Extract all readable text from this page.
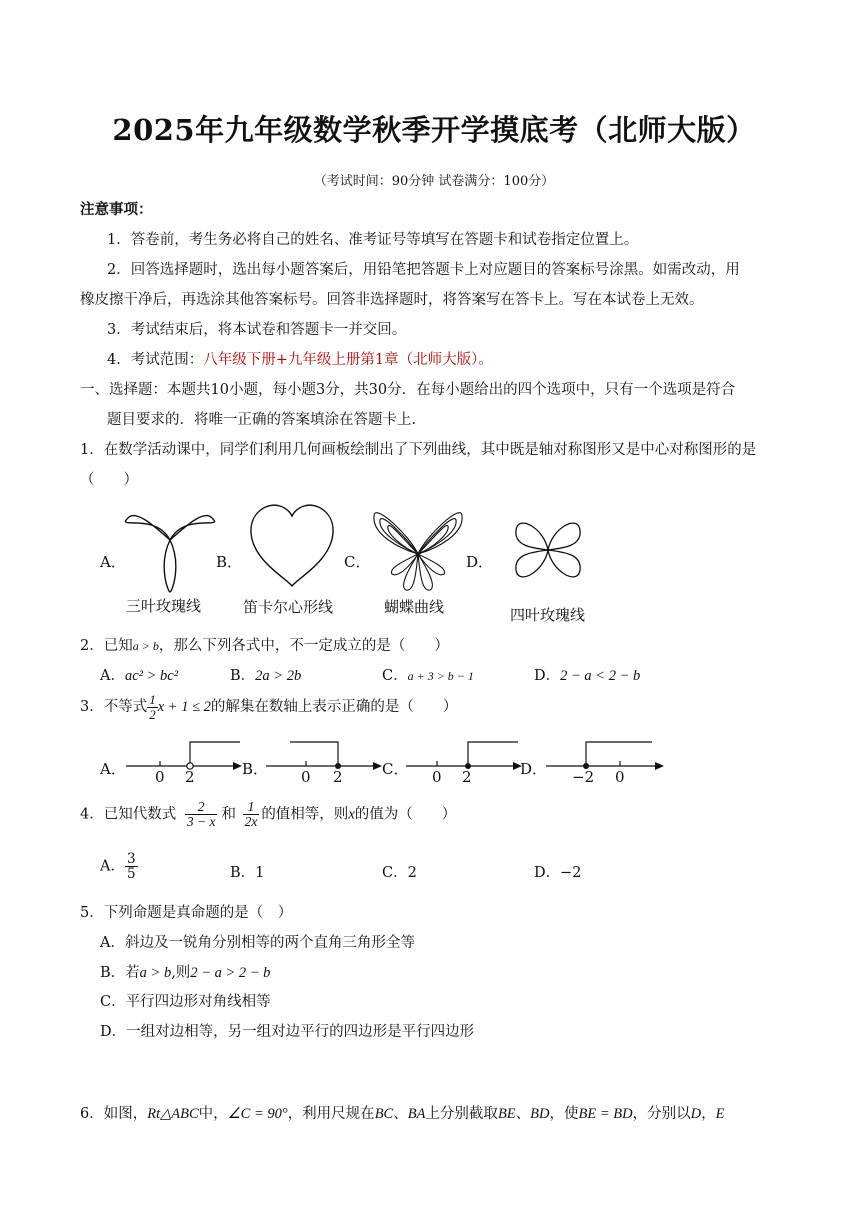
2025年九年级数学秋季开学摸底考（北师大版）
（考试时间：90分钟 试卷满分：100分）
注意事项：
1．答卷前，考生务必将自己的姓名、准考证号等填写在答题卡和试卷指定位置上。
2．回答选择题时，选出每小题答案后，用铅笔把答题卡上对应题目的答案标号涂黑。如需改动，用
橡皮擦干净后，再选涂其他答案标号。回答非选择题时，将答案写在答卡上。写在本试卷上无效。
3．考试结束后，将本试卷和答题卡一并交回。
4．考试范围：八年级下册+九年级上册第1章（北师大版）。
一、选择题：本题共10小题，每小题3分，共30分．在每小题给出的四个选项中，只有一个选项是符合
题目要求的．将唯一正确的答案填涂在答题卡上.
1．在数学活动课中，同学们利用几何画板绘制出了下列曲线，其中既是轴对称图形又是中心对称图形的是
（　　）
A．	B．	C．	D．
三叶玫瑰线	笛卡尔心形线	蝴蝶曲线	四叶玫瑰线
2．已知a > b，那么下列各式中，不一定成立的是（　　）
A．ac² > bc²	B．2a > 2b	C．a + 3 > b − 1	D．2 − a < 2 − b
3．不等式 $\frac{1}{2}$ x + 1 ≤ 2的解集在数轴上表示正确的是（　　）
A． 0 2	B． 0 2	C． 0 2	D． −2 0
4．已知代数式 $\frac{2}{3 - x}$ 和 $\frac{1}{2x}$ 的值相等，则x的值为（　　）
A． $\frac{3}{5}$	B．1	C．2	D．−2
5．下列命题是真命题的是（　）
A．斜边及一锐角分别相等的两个直角三角形全等
B．若a > b,则2 − a > 2 − b
C．平行四边形对角线相等
D．一组对边相等，另一组对边平行的四边形是平行四边形
6．如图，Rt△ABC中，∠C = 90°，利用尺规在BC、BA上分别截取BE、BD，使BE = BD，分别以D，E
